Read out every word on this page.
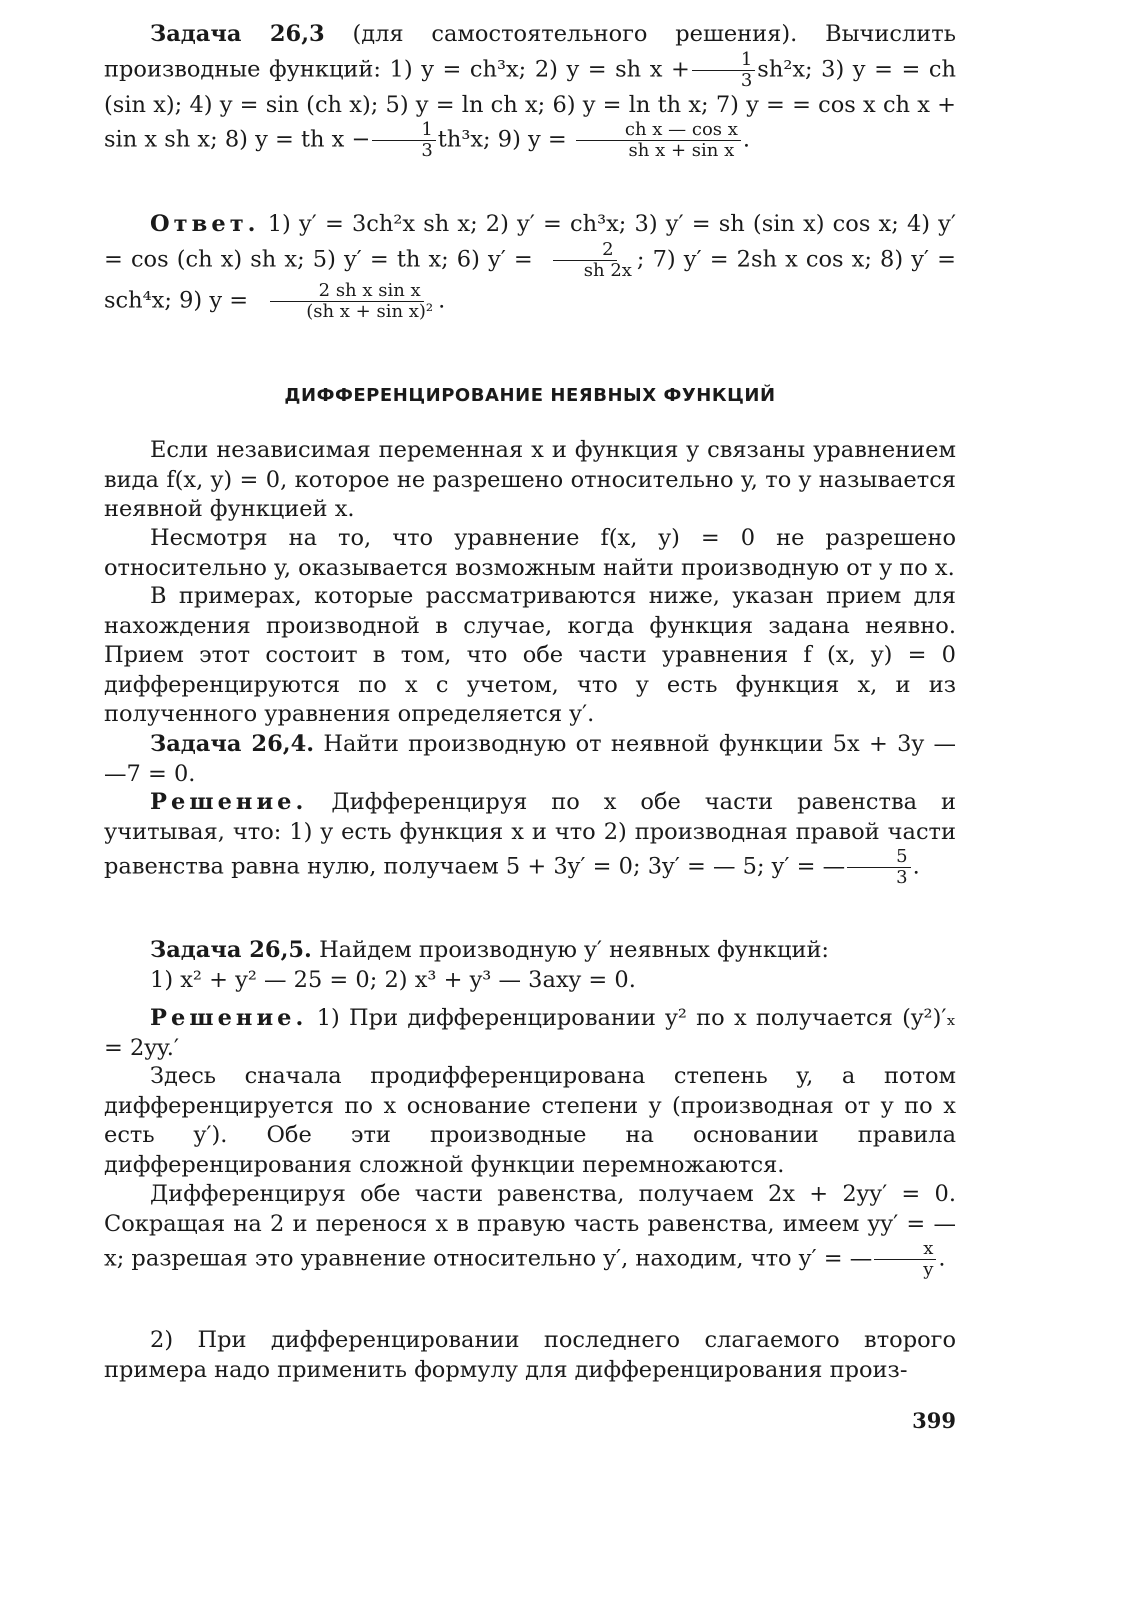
Задача 26,3 (для самостоятельного решения). Вычислить производные функций: 1) y = ch³x; 2) y = sh $x + \frac{1}{3} sh^2x$; 3) y = = ch (sin x); 4) y = sin (ch x); 5) y = ln ch x; 6) y = ln th x; 7) y = = cos x ch x + sin x sh x; 8) y = th $x - \frac{1}{3} th^3x$; 9) $y = \frac{\text{ch x — cos x}}{\text{sh x + sin x}}$ .

Ответ. 1) y′ = 3ch²x sh x; 2) y′ = ch³x; 3) y′ = sh (sin x) cos x; 4) y′ = cos (ch x) sh x; 5) y′ = th x; 6) $y' = \frac{2}{sh 2x}$ ; 7) y′ = 2sh x cos x; 8) y′ = sch⁴x; 9) $y = \frac{\text{2 sh x sin x}}{\text{(sh x + sin x)²}}$ .

ДИФФЕРЕНЦИРОВАНИЕ НЕЯВНЫХ ФУНКЦИЙ

Если независимая переменная x и функция y связаны уравнением вида f(x, y) = 0, которое не разрешено относительно y, то y называется неявной функцией x.

Несмотря на то, что уравнение f(x, y) = 0 не разрешено относительно y, оказывается возможным найти производную от y по x.

В примерах, которые рассматриваются ниже, указан прием для нахождения производной в случае, когда функция задана неявно. Прием этот состоит в том, что обе части уравнения f (x, y) = 0 дифференцируются по x с учетом, что y есть функция x, и из полученного уравнения определяется y′.

Задача 26,4. Найти производную от неявной функции 5x + 3y — —7 = 0.

Решение. Дифференцируя по x обе части равенства и учитывая, что: 1) y есть функция x и что 2) производная правой части равенства равна нулю, получаем 5 + 3y′ = 0; 3y′ = — 5; y′ = — $\frac{5}{3}$ .

Задача 26,5. Найдем производную y′ неявных функций:

1) x² + y² — 25 = 0; 2) x³ + y³ — 3axy = 0.

Решение. 1) При дифференцировании y² по x получается (y²)′ₓ = 2yy.′

Здесь сначала продифференцирована степень y, а потом дифференцируется по x основание степени y (производная от y по x есть y′). Обе эти производные на основании правила дифференцирования сложной функции перемножаются.

Дифференцируя обе части равенства, получаем 2x + 2yy′ = 0. Сокращая на 2 и перенося x в правую часть равенства, имеем yy′ = — x; разрешая это уравнение относительно y′, находим, что y′ = — $\frac{x}{y}$ .

2) При дифференцировании последнего слагаемого второго примера надо применить формулу для дифференцирования произ-

399
